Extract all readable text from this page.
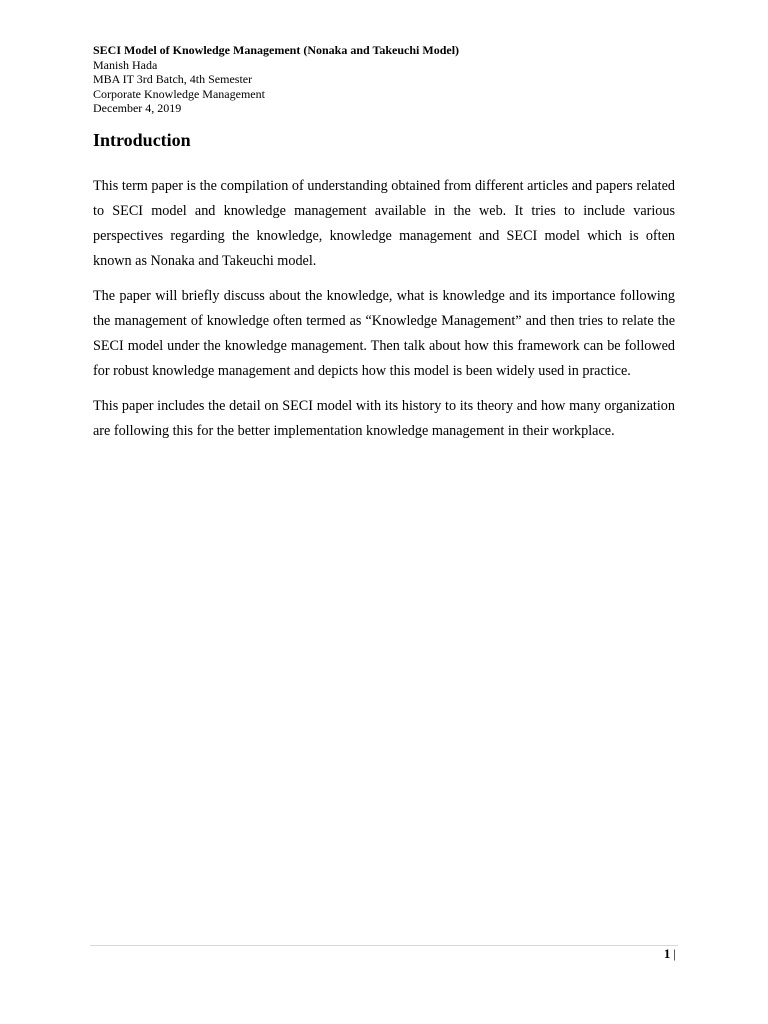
SECI Model of Knowledge Management (Nonaka and Takeuchi Model)
Manish Hada
MBA IT 3rd Batch, 4th Semester
Corporate Knowledge Management
December 4, 2019
Introduction

This term paper is the compilation of understanding obtained from different articles and papers related to SECI model and knowledge management available in the web. It tries to include various perspectives regarding the knowledge, knowledge management and SECI model which is often known as Nonaka and Takeuchi model.

The paper will briefly discuss about the knowledge, what is knowledge and its importance following the management of knowledge often termed as “Knowledge Management” and then tries to relate the SECI model under the knowledge management. Then talk about how this framework can be followed for robust knowledge management and depicts how this model is been widely used in practice.

This paper includes the detail on SECI model with its history to its theory and how many organization are following this for the better implementation knowledge management in their workplace.

1 |
